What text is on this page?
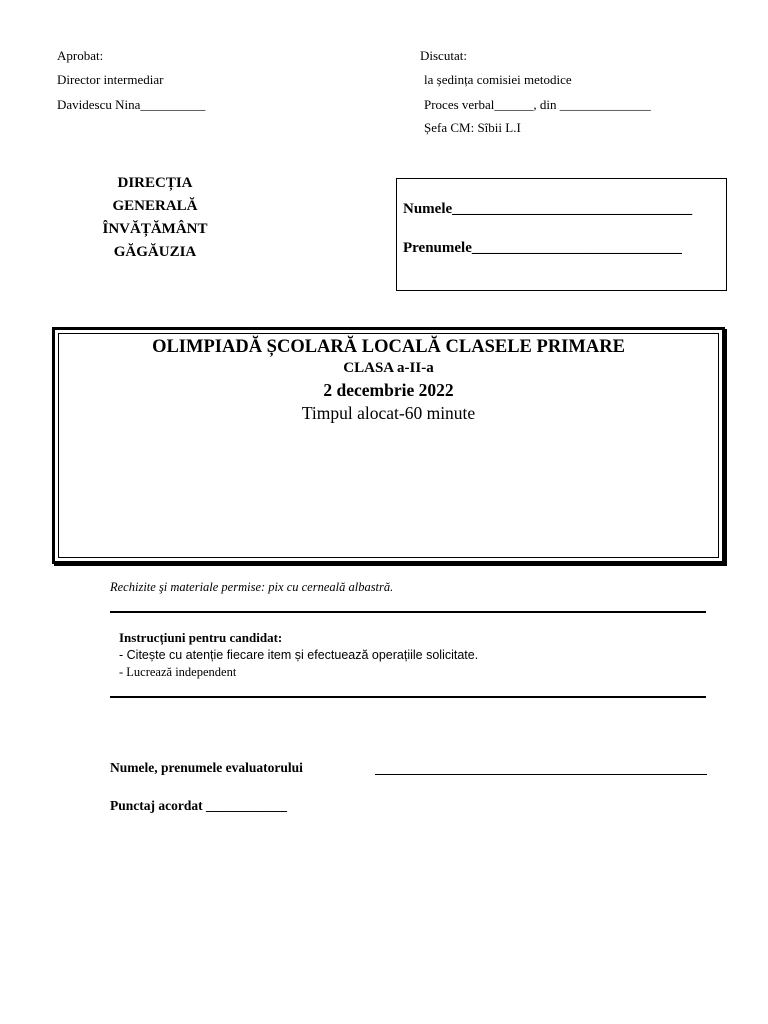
Aprobat:
Director intermediar
Davidescu Nina__________
Discutat:
la ședința comisiei metodice
Proces verbal______, din ______________
Șefa CM: Sîbii L.I
DIRECȚIA
GENERALĂ
ÎNVĂȚĂMÂNT
GĂGĂUZIA
Numele________________________________
Prenumele____________________________
OLIMPIADĂ ȘCOLARĂ LOCALĂ CLASELE PRIMARE
CLASA a-II-a
2 decembrie 2022
Timpul alocat-60 minute
Rechizite şi materiale permise: pix cu cerneală albastră.
Instrucțiuni pentru candidat:
- Citește cu atenție fiecare item și efectuează operațiile solicitate.
- Lucrează independent
Numele, prenumele evaluatorului
Punctaj acordat ____________
